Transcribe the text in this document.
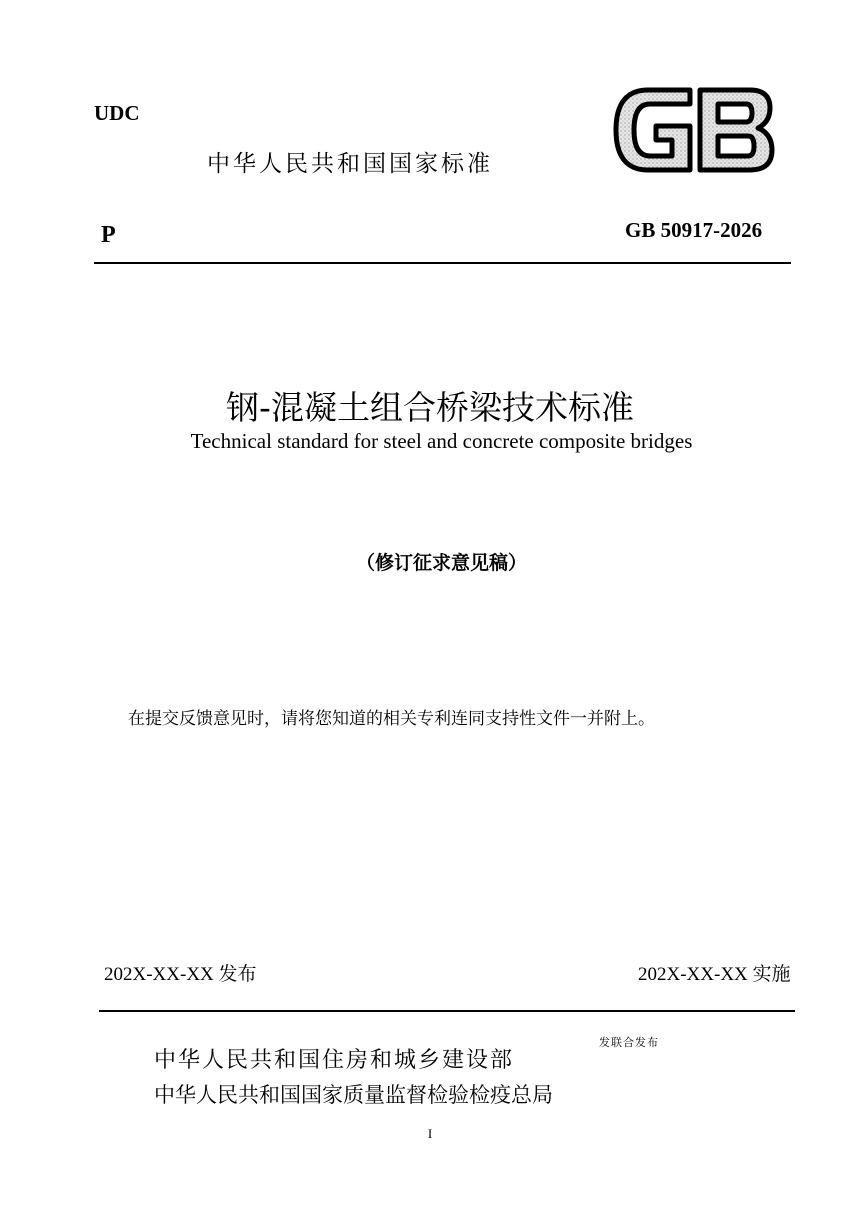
UDC
中华人民共和国国家标准
P	GB 50917-2026
钢-混凝土组合桥梁技术标准
Technical standard for steel and concrete composite bridges
（修订征求意见稿）
在提交反馈意见时，请将您知道的相关专利连同支持性文件一并附上。
202X-XX-XX 发布	202X-XX-XX 实施
中华人民共和国住房和城乡建设部
中华人民共和国国家质量监督检验检疫总局
发联合发布
I
